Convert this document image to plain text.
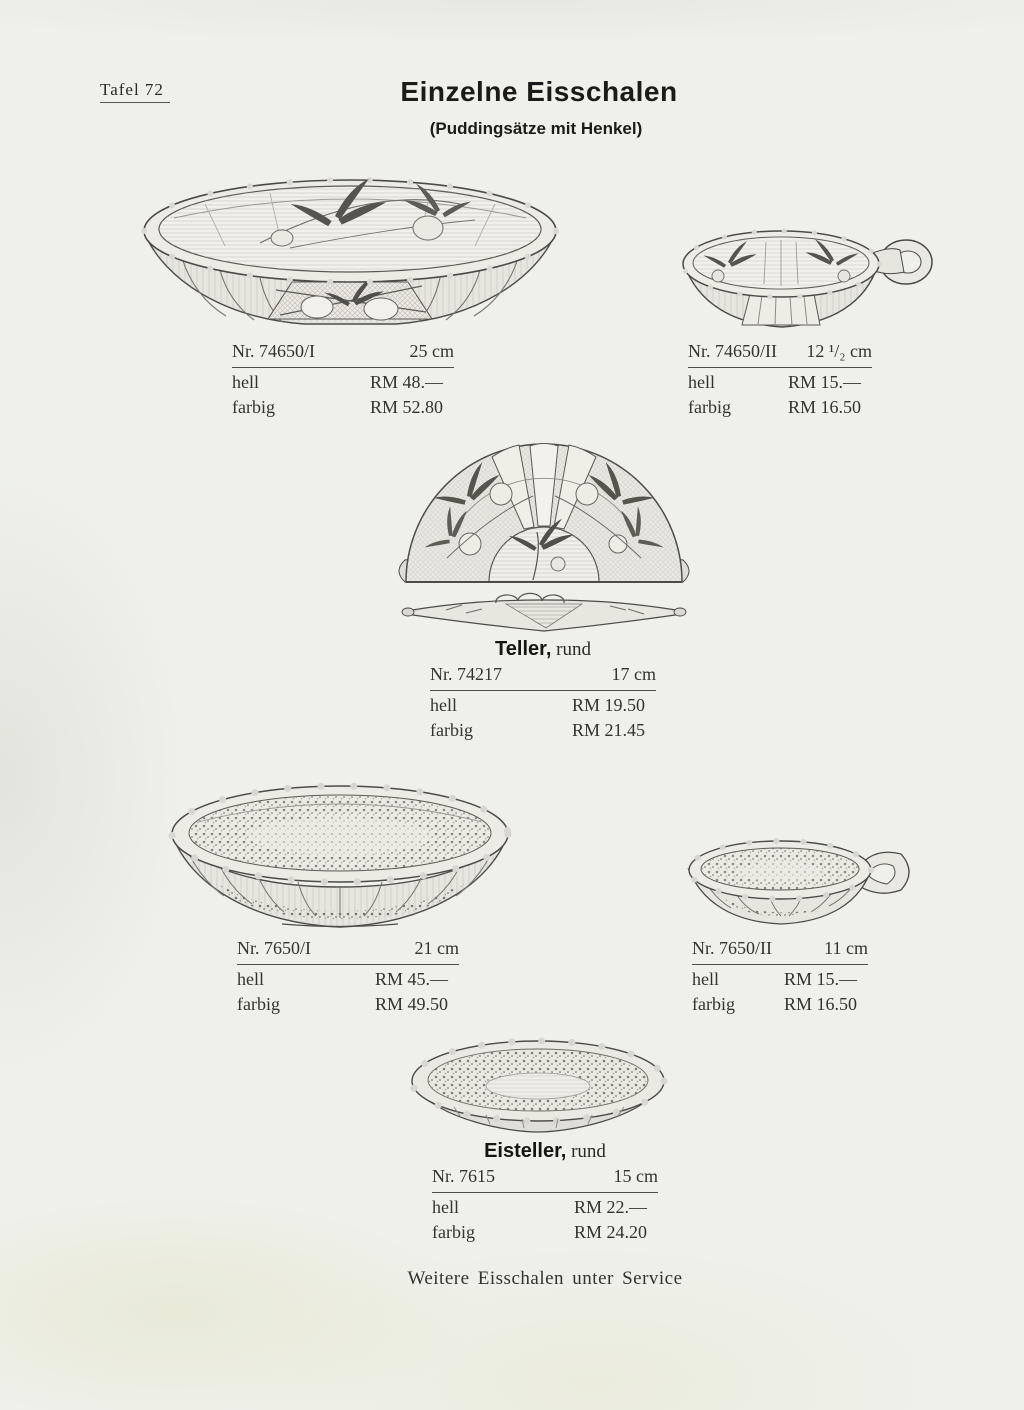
Tafel 72	Einzelne Eisschalen
(Puddingsätze mit Henkel)
Nr. 74650/I	25 cm
hell	RM 48.—
farbig	RM 52.80
Nr. 74650/II 12 ¹/₂ cm
hell	RM 15.—
farbig	RM 16.50
Teller, rund
Nr. 74217	17 cm
hell	RM 19.50
farbig	RM 21.45
Nr. 7650/I	21 cm
hell	RM 45.—
farbig	RM 49.50
Nr. 7650/II	11 cm
hell	RM 15.—
farbig	RM 16.50
Eisteller, rund
Nr. 7615	15 cm
hell	RM 22.—
farbig	RM 24.20
Weitere Eisschalen unter Service
